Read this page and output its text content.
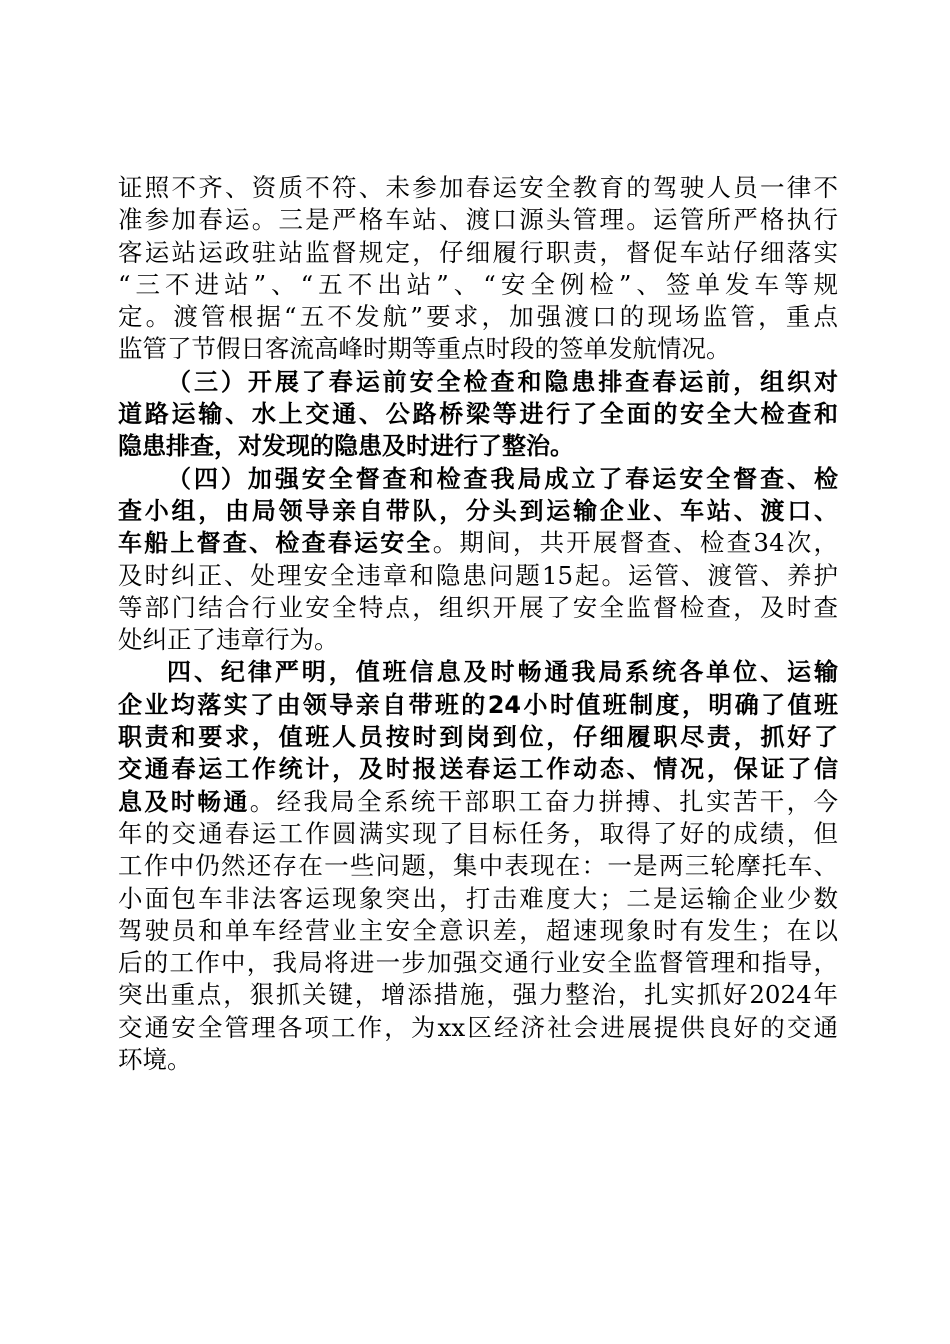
证照不齐、资质不符、未参加春运安全教育的驾驶人员一律不
准参加春运。三是严格车站、渡口源头管理。运管所严格执行
客运站运政驻站监督规定，仔细履行职责，督促车站仔细落实
“三不进站”、“五不出站”、“安全例检”、签单发车等规
定。渡管根据“五不发航”要求，加强渡口的现场监管，重点
监管了节假日客流高峰时期等重点时段的签单发航情况。
（三）开展了春运前安全检查和隐患排查春运前，组织对
道路运输、水上交通、公路桥梁等进行了全面的安全大检查和
隐患排查，对发现的隐患及时进行了整治。
（四）加强安全督查和检查我局成立了春运安全督查、检
查小组，由局领导亲自带队，分头到运输企业、车站、渡口、
车船上督查、检查春运安全。期间，共开展督查、检查34次，
及时纠正、处理安全违章和隐患问题15起。运管、渡管、养护
等部门结合行业安全特点，组织开展了安全监督检查，及时查
处纠正了违章行为。
四、纪律严明，值班信息及时畅通我局系统各单位、运输
企业均落实了由领导亲自带班的24小时值班制度，明确了值班
职责和要求，值班人员按时到岗到位，仔细履职尽责，抓好了
交通春运工作统计，及时报送春运工作动态、情况，保证了信
息及时畅通。经我局全系统干部职工奋力拼搏、扎实苦干，今
年的交通春运工作圆满实现了目标任务，取得了好的成绩，但
工作中仍然还存在一些问题，集中表现在：一是两三轮摩托车、
小面包车非法客运现象突出，打击难度大；二是运输企业少数
驾驶员和单车经营业主安全意识差，超速现象时有发生；在以
后的工作中，我局将进一步加强交通行业安全监督管理和指导，
突出重点，狠抓关键，增添措施，强力整治，扎实抓好2024年
交通安全管理各项工作，为xx区经济社会进展提供良好的交通
环境。
